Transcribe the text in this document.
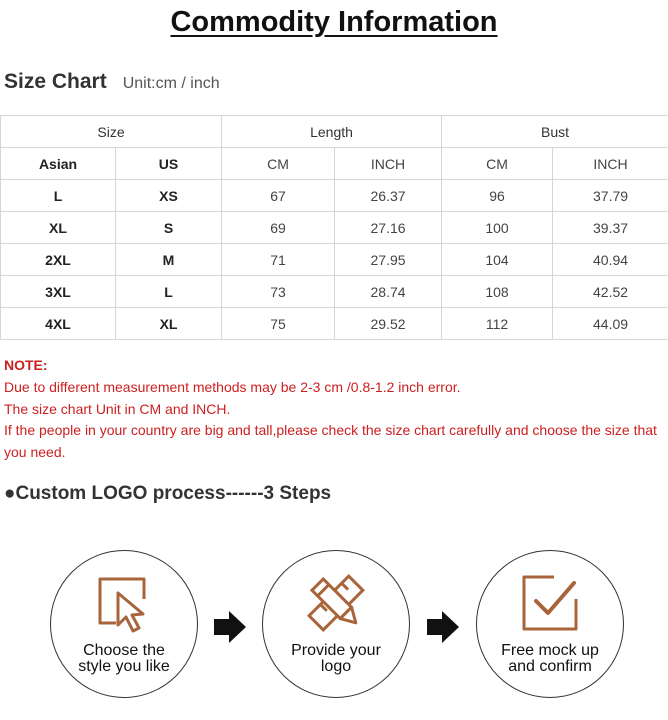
Commodity Information
Size Chart Unit:cm / inch
Size		Length		Bust	
Asian	US	CM	INCH	CM	INCH
L	XS	67	26.37	96	37.79
XL	S	69	27.16	100	39.37
2XL	M	71	27.95	104	40.94
3XL	L	73	28.74	108	42.52
4XL	XL	75	29.52	112	44.09
NOTE:
Due to different measurement methods may be 2-3 cm /0.8-1.2 inch error.
The size chart Unit in CM and INCH.
If the people in your country are big and tall,please check the size chart carefully and choose the size that you need.
●Custom LOGO process------3 Steps
Choose the
style you like
Provide your
logo
Free mock up
and confirm
